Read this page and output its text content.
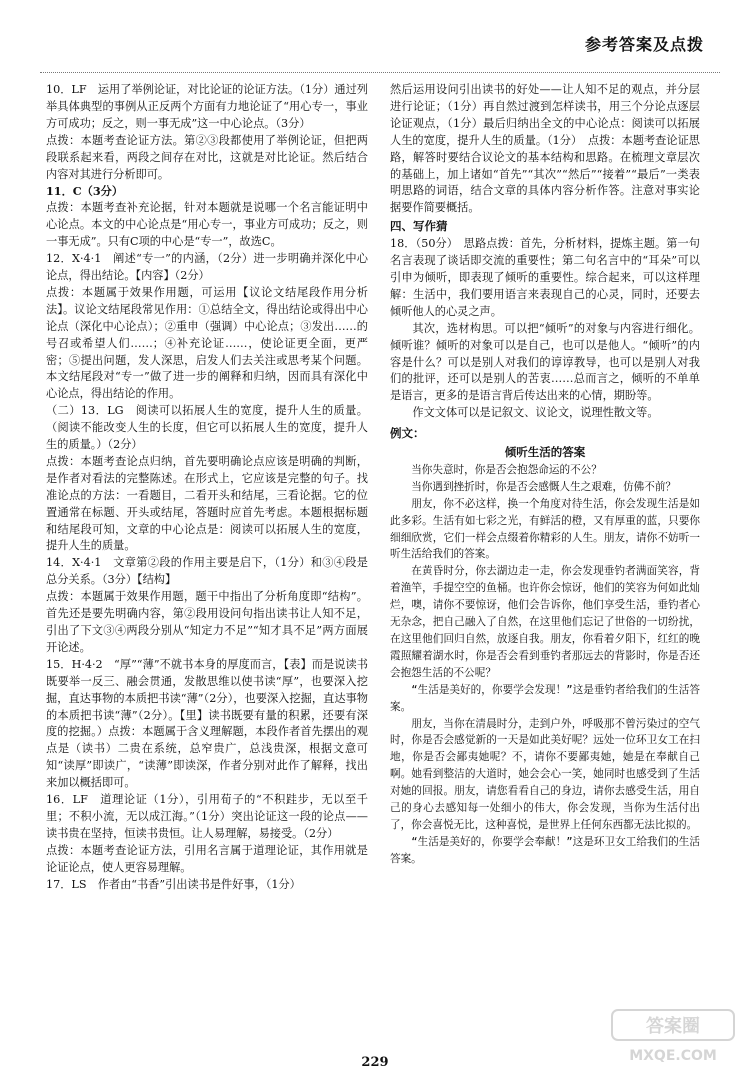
参考答案及点拨
10．LF　运用了举例论证，对比论证的论证方法。（1分）通过列举具体典型的事例从正反两个方面有力地论证了“用心专一，事业方可成功；反之，则一事无成”这一中心论点。（3分）
点拨：本题考查论证方法。第②③段都使用了举例论证，但把两段联系起来看，两段之间存在对比，这就是对比论证。然后结合内容对其进行分析即可。
11．C（3分）
点拨：本题考查补充论据，针对本题就是说哪一个名言能证明中心论点。本文的中心论点是“用心专一，事业方可成功；反之，则一事无成”。只有C项的中心是“专一”，故选C。
12．X·4·1　阐述“专一”的内涵，（2分）进一步明确并深化中心论点，得出结论。【内容】（2分）
点拨：本题属于效果作用题，可运用【议论文结尾段作用分析法】。议论文结尾段常见作用：①总结全文，得出结论或得出中心论点（深化中心论点）；②重申（强调）中心论点；③发出……的号召或希望人们……；④补充论证……，使论证更全面，更严密；⑤提出问题，发人深思，启发人们去关注或思考某个问题。本文结尾段对“专一”做了进一步的阐释和归纳，因而具有深化中心论点，得出结论的作用。
（二）13．LG　阅读可以拓展人生的宽度，提升人生的质量。（阅读不能改变人生的长度，但它可以拓展人生的宽度，提升人生的质量。）（2分）
点拨：本题考查论点归纳，首先要明确论点应该是明确的判断，是作者对看法的完整陈述。在形式上，它应该是完整的句子。找准论点的方法：一看题目，二看开头和结尾，三看论据。它的位置通常在标题、开头或结尾，答题时应首先考虑。本题根据标题和结尾段可知，文章的中心论点是：阅读可以拓展人生的宽度，提升人生的质量。
14．X·4·1　文章第②段的作用主要是启下，（1分）和③④段是总分关系。（3分）【结构】
点拨：本题属于效果作用题，题干中指出了分析角度即“结构”。首先还是要先明确内容，第②段用设问句指出读书让人知不足，引出了下文③④两段分别从“知定力不足”“知才具不足”两方面展开论述。
15．H·4·2　“厚”“薄”不就书本身的厚度而言，【表】而是说读书既要举一反三、融会贯通，发散思维以使书读“厚”，也要深入挖掘，直达事物的本质把书读“薄”（2分），也要深入挖掘，直达事物的本质把书读“薄”（2分）。【里】读书既要有量的积累，还要有深度的挖掘。）点拨：本题属于含义理解题，本段作者首先摆出的观点是（读书）二贵在系统，总窄贵广，总浅贵深，根据文意可知“读厚”即读广，“读薄”即读深，作者分别对此作了解释，找出来加以概括即可。
16．LF　道理论证（1分），引用荀子的“不积跬步，无以至千里；不积小流，无以成江海。”（1分）突出论证这一段的论点——读书贵在坚持，恒读书贵恒。让人易理解，易接受。（2分）
点拨：本题考查论证方法，引用名言属于道理论证，其作用就是论证论点，使人更容易理解。
17．LS　作者由“书香”引出读书是件好事，（1分）
然后运用设问引出读书的好处——让人知不足的观点，并分层进行论证；（1分）再自然过渡到怎样读书，用三个分论点逐层论证观点，（1分）最后归纳出全文的中心论点：阅读可以拓展人生的宽度，提升人生的质量。（1分）　点拨：本题考查论证思路，解答时要结合议论文的基本结构和思路。在梳理文章层次的基础上，加上诸如“首先”“其次”“然后”“接着”“最后”一类表明思路的词语，结合文章的具体内容分析作答。注意对事实论据要作简要概括。
四、写作猜
18．（50分）　思路点拨：首先，分析材料，提炼主题。第一句名言表现了谈话即交流的重要性；第二句名言中的“耳朵”可以引申为倾听，即表现了倾听的重要性。综合起来，可以这样理解：生活中，我们要用语言来表现自己的心灵，同时，还要去倾听他人的心灵之声。
其次，选材构思。可以把“倾听”的对象与内容进行细化。倾听谁？倾听的对象可以是自己，也可以是他人。“倾听”的内容是什么？可以是别人对我们的谆谆教导，也可以是别人对我们的批评，还可以是别人的苦衷……总而言之，倾听的不单单是语言，更多的是语言背后传达出来的心情，期盼等。
作文文体可以是记叙文、议论文，说理性散文等。
例文：
倾听生活的答案

当你失意时，你是否会抱怨命运的不公？

当你遇到挫折时，你是否会感慨人生之艰难，仿佛不前？

朋友，你不必这样，换一个角度对待生活，你会发现生活是如此多彩。生活有如七彩之光，有鲜活的橙，又有厚重的蓝，只要你细细欣赏，它们一样会点缀着你精彩的人生。朋友，请你不妨听一听生活给我们的答案。

在黄昏时分，你去湖边走一走，你会发现垂钓者满面笑容，背着渔竿，手提空空的鱼桶。也许你会惊讶，他们的笑容为何如此灿烂，噢，请你不要惊讶，他们会告诉你，他们享受生活，垂钓者心无杂念，把自己融入了自然，在这里他们忘记了世俗的一切纷扰，在这里他们回归自然，放逐自我。朋友，你看着夕阳下，红红的晚霞照耀着湖水时，你是否会看到垂钓者那远去的背影时，你是否还会抱怨生活的不公呢？

“生活是美好的，你要学会发现！”这是垂钓者给我们的生活答案。

朋友，当你在清晨时分，走到户外，呼吸那不曾污染过的空气时，你是否会感觉新的一天是如此美好呢？远处一位环卫女工在扫地，你是否会鄙夷她呢？不，请你不要鄙夷她，她是在奉献自己啊。她看到整洁的大道时，她会会心一笑，她同时也感受到了生活对她的回报。朋友，请您看看自己的身边，请你去感受生活，用自己的身心去感知每一处细小的伟大，你会发现，当你为生活付出了，你会喜悦无比，这种喜悦，是世界上任何东西都无法比拟的。

“生活是美好的，你要学会奉献！”这是环卫女工给我们的生活答案。

229
答案圈
MXQE.COM
